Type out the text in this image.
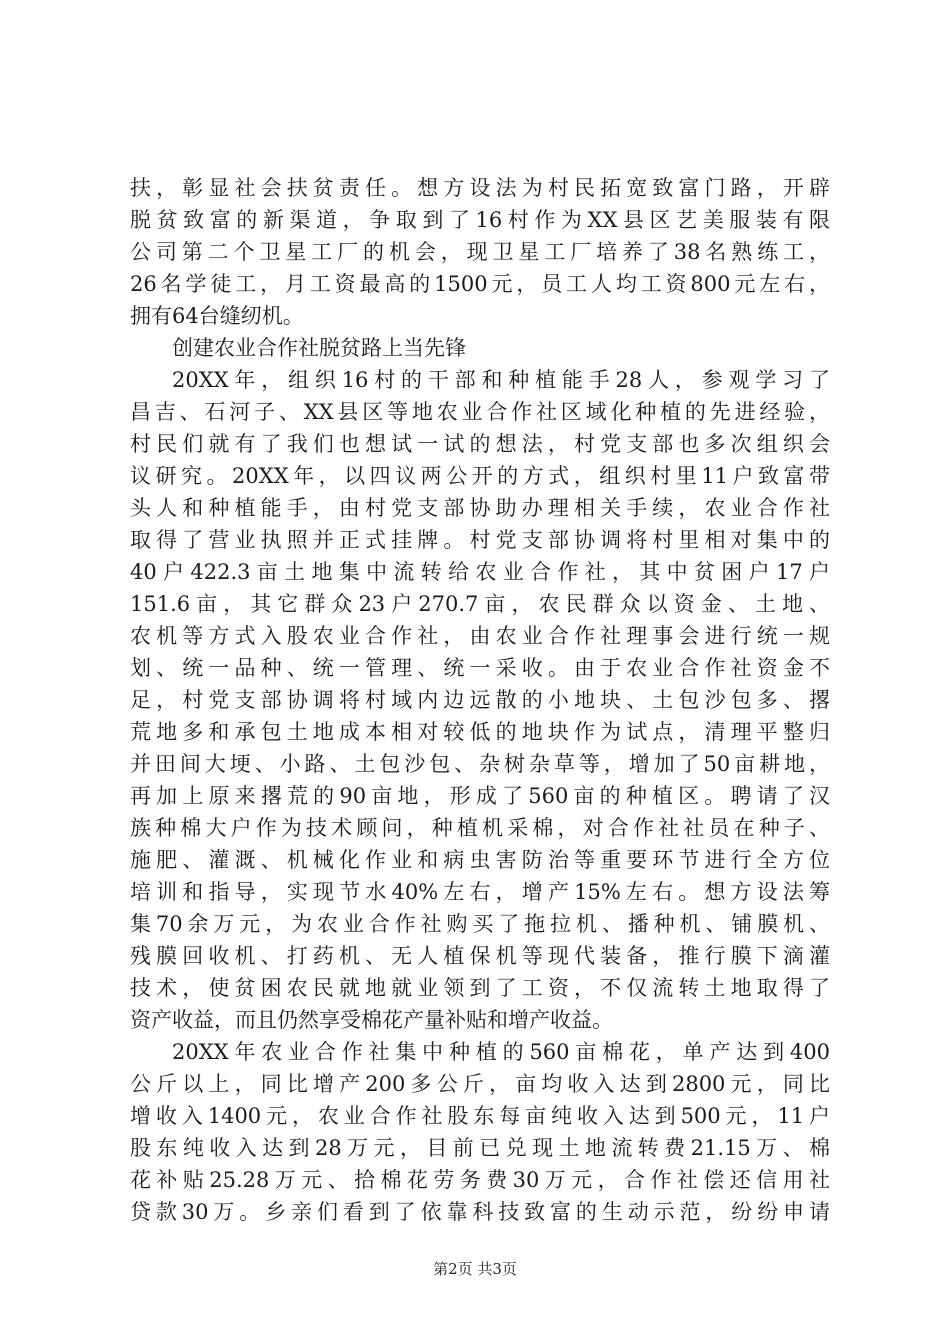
扶，彰显社会扶贫责任。想方设法为村民拓宽致富门路，开辟
脱贫致富的新渠道，争取到了16村作为XX县区艺美服装有限
公司第二个卫星工厂的机会，现卫星工厂培养了38名熟练工，
26名学徒工，月工资最高的1500元，员工人均工资800元左右，
拥有64台缝纫机。
创建农业合作社脱贫路上当先锋
20XX年，组织16村的干部和种植能手28人，参观学习了
昌吉、石河子、XX县区等地农业合作社区域化种植的先进经验，
村民们就有了我们也想试一试的想法，村党支部也多次组织会
议研究。20XX年，以四议两公开的方式，组织村里11户致富带
头人和种植能手，由村党支部协助办理相关手续，农业合作社
取得了营业执照并正式挂牌。村党支部协调将村里相对集中的
40户422.3亩土地集中流转给农业合作社，其中贫困户17户
151.6亩，其它群众23户270.7亩，农民群众以资金、土地、
农机等方式入股农业合作社，由农业合作社理事会进行统一规
划、统一品种、统一管理、统一采收。由于农业合作社资金不
足，村党支部协调将村域内边远散的小地块、土包沙包多、撂
荒地多和承包土地成本相对较低的地块作为试点，清理平整归
并田间大埂、小路、土包沙包、杂树杂草等，增加了50亩耕地，
再加上原来撂荒的90亩地，形成了560亩的种植区。聘请了汉
族种棉大户作为技术顾问，种植机采棉，对合作社社员在种子、
施肥、灌溉、机械化作业和病虫害防治等重要环节进行全方位
培训和指导，实现节水40%左右，增产15%左右。想方设法筹
集70余万元，为农业合作社购买了拖拉机、播种机、铺膜机、
残膜回收机、打药机、无人植保机等现代装备，推行膜下滴灌
技术，使贫困农民就地就业领到了工资，不仅流转土地取得了
资产收益，而且仍然享受棉花产量补贴和增产收益。
20XX年农业合作社集中种植的560亩棉花，单产达到400
公斤以上，同比增产200多公斤，亩均收入达到2800元，同比
增收入1400元，农业合作社股东每亩纯收入达到500元，11户
股东纯收入达到28万元，目前已兑现土地流转费21.15万、棉
花补贴25.28万元、拾棉花劳务费30万元，合作社偿还信用社
贷款30万。乡亲们看到了依靠科技致富的生动示范，纷纷申请
第2页 共3页
